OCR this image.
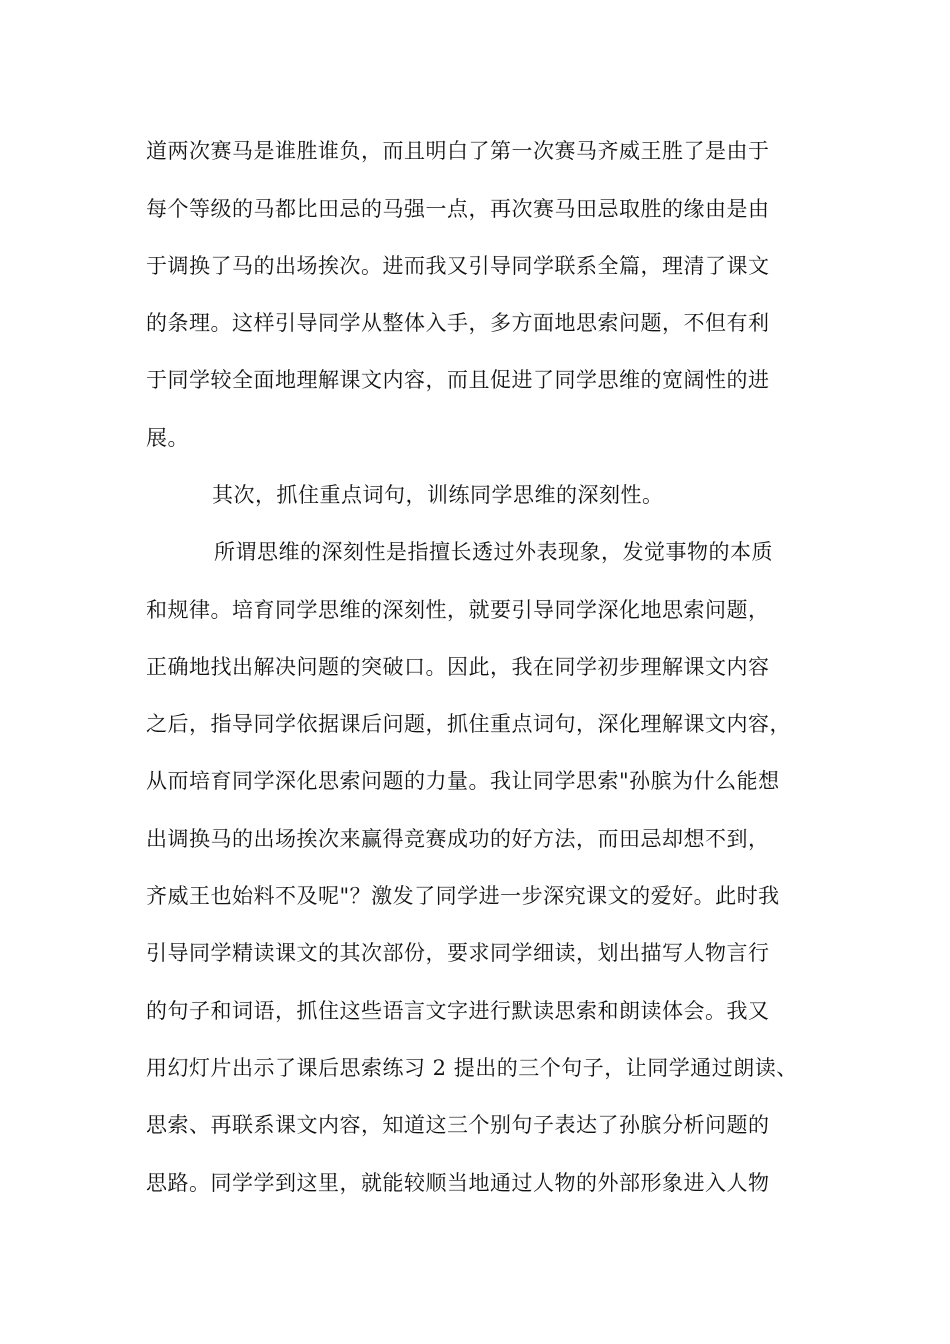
道两次赛马是谁胜谁负，而且明白了第一次赛马齐威王胜了是由于
每个等级的马都比田忌的马强一点，再次赛马田忌取胜的缘由是由
于调换了马的出场挨次。进而我又引导同学联系全篇，理清了课文
的条理。这样引导同学从整体入手，多方面地思索问题，不但有利
于同学较全面地理解课文内容，而且促进了同学思维的宽阔性的进
展。
其次，抓住重点词句，训练同学思维的深刻性。
所谓思维的深刻性是指擅长透过外表现象，发觉事物的本质
和规律。培育同学思维的深刻性，就要引导同学深化地思索问题，
正确地找出解决问题的突破口。因此，我在同学初步理解课文内容
之后，指导同学依据课后问题，抓住重点词句，深化理解课文内容，
从而培育同学深化思索问题的力量。我让同学思索"孙膑为什么能想
出调换马的出场挨次来赢得竞赛成功的好方法，而田忌却想不到，
齐威王也始料不及呢"？激发了同学进一步深究课文的爱好。此时我
引导同学精读课文的其次部份，要求同学细读，划出描写人物言行
的句子和词语，抓住这些语言文字进行默读思索和朗读体会。我又
用幻灯片出示了课后思索练习 2 提出的三个句子，让同学通过朗读、
思索、再联系课文内容，知道这三个别句子表达了孙膑分析问题的
思路。同学学到这里，就能较顺当地通过人物的外部形象进入人物
